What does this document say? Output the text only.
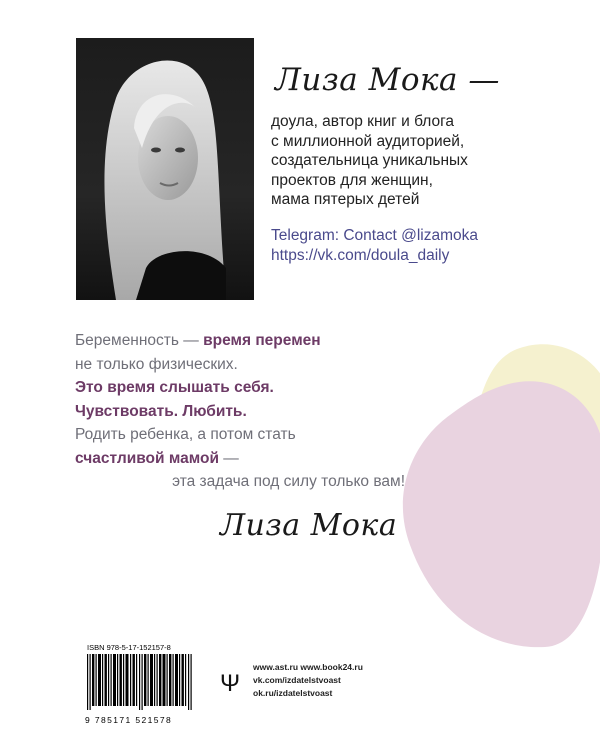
Лиза Мока —
доула, автор книг и блога
с миллионной аудиторией,
создательница уникальных
проектов для женщин,
мама пятерых детей
Telegram: Contact @lizamoka
https://vk.com/doula_daily
Беременность — время перемен
не только физических.
Это время слышать себя.
Чувствовать. Любить.
Родить ребенка, а потом стать
счастливой мамой —
эта задача под силу только вам!
Лиза Мока
ISBN 978-5-17-152157-8
9 785171 521578
Ψ
www.ast.ru www.book24.ru
vk.com/izdatelstvoast
ok.ru/izdatelstvoast
